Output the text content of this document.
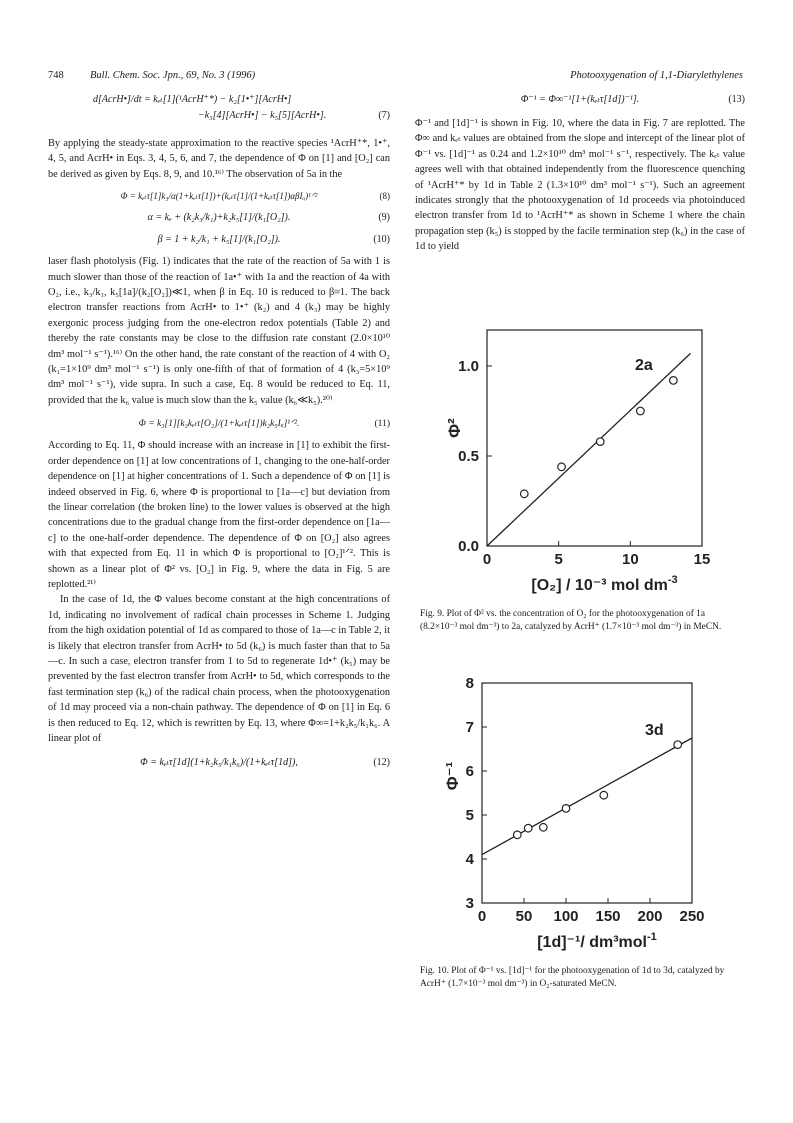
748	Bull. Chem. Soc. Jpn., 69, No. 3 (1996)	Photooxygenation of 1,1-Diarylethylenes
d[AcrH•]/dt = kₑₜ[1](¹AcrH⁺*) − k₂[1•⁺][AcrH•]
−k₃[4][AcrH•] − k₅[5][AcrH•].	(7)

By applying the steady-state approximation to the reactive species ¹AcrH⁺*, 1•⁺, 4, 5, and AcrH• in Eqs. 3, 4, 5, 6, and 7, the dependence of Φ on [1] and [O₂] can be derived as given by Eqs. 8, 9, and 10.¹⁶⁾ The observation of 5a in the

Φ = kₑₜτ[1]k₃/α(1+kₑₜτ[1])+(kₑₜτ[1]/(1+kₑₜτ[1])αβIₐ)¹ᐟ²	(8)
α = kₑ + (k₂k₃/k₁)+k₂k₅[1]/(k₁[O₂]).	(9)
β = 1 + k₂/k₁ + k₅[1]/(k₁[O₂]).	(10)

laser flash photolysis (Fig. 1) indicates that the rate of the reaction of 5a with 1 is much slower than those of the reaction of 1a•⁺ with 1a and the reaction of 4a with O₂, i.e., k₃/k₁, k₅[1a]/(k₂[O₂])≪1, when β in Eq. 10 is reduced to β≈1. The back electron transfer reactions from AcrH• to 1•⁺ (k₂) and 4 (k₃) may be highly exergonic process judging from the one-electron redox potentials (Table 2) and thereby the rate constants may be close to the diffusion rate constant (2.0×10¹⁰ dm³ mol⁻¹ s⁻¹).¹⁶⁾ On the other hand, the rate constant of the reaction of 4 with O₂ (k₁=1×10⁹ dm³ mol⁻¹ s⁻¹) is only one-fifth of that of formation of 4 (k₃=5×10⁹ dm³ mol⁻¹ s⁻¹), vide supra. In such a case, Eq. 8 would be reduced to Eq. 11, provided that the k₆ value is much slow than the k₅ value (k₆≪k₅).²⁰⁾

Φ = k₃[1][k₃kₑₜτ[O₂]/(1+kₑₜτ[1])k₂k₅Iₐ]¹ᐟ².	(11)

According to Eq. 11, Φ should increase with an increase in [1] to exhibit the first-order dependence on [1] at low concentrations of 1, changing to the one-half-order dependence on [1] at higher concentrations of 1. Such a dependence of Φ on [1] is indeed observed in Fig. 6, where Φ is proportional to [1a—c] but deviation from the linear correlation (the broken line) to the lower values is observed at the high concentrations due to the gradual change from the first-order dependence on [1a—c] to the one-half-order dependence. The dependence of Φ on [O₂] also agrees with that expected from Eq. 11 in which Φ is proportional to [O₂]¹ᐟ². This is shown as a linear plot of Φ² vs. [O₂] in Fig. 9, where the data in Fig. 5 are replotted.²¹⁾

In the case of 1d, the Φ values become constant at the high concentrations of 1d, indicating no involvement of radical chain processes in Scheme 1. Judging from the high oxidation potential of 1d as compared to those of 1a—c in Table 2, it is likely that electron transfer from AcrH• to 5d (k₆) is much faster than that to 5a—c. In such a case, electron transfer from 1 to 5d to regenerate 1d•⁺ (k₅) may be prevented by the fast electron transfer from AcrH• to 5d, which corresponds to the fast termination step (k₆) of the radical chain process, when the photooxygenation of 1d may proceed via a non-chain pathway. The dependence of Φ on [1] in Eq. 6 is then reduced to Eq. 12, which is rewritten by Eq. 13, where Φ∞=1+k₂k₅/k₁k₆. A linear plot of

Φ = kₑₜτ[1d](1+k₂k₅/k₁k₆)/(1+kₑₜτ[1d]),	(12)
Φ⁻¹ = Φ∞⁻¹[1+(kₑₜτ[1d])⁻¹].	(13)

Φ⁻¹ and [1d]⁻¹ is shown in Fig. 10, where the data in Fig. 7 are replotted. The Φ∞ and kₑₜ values are obtained from the slope and intercept of the linear plot of Φ⁻¹ vs. [1d]⁻¹ as 0.24 and 1.2×10¹⁰ dm³ mol⁻¹ s⁻¹, respectively. The kₑₜ value agrees well with that obtained independently from the fluorescence quenching of ¹AcrH⁺* by 1d in Table 2 (1.3×10¹⁰ dm³ mol⁻¹ s⁻¹). Such an agreement indicates strongly that the photooxygenation of 1d proceeds via photoinduced electron transfer from 1d to ¹AcrH⁺* as shown in Scheme 1 where the chain propagation step (k₅) is stopped by the facile termination step (k₆) in the case of 1d to yield

0	5	10	15
0.0
0.5
1.0	2a
Φ²
[O₂] / 10⁻³ mol $dm^{-3}$
Fig. 9. Plot of Φ² vs. the concentration of O₂ for the photooxygenation of 1a (8.2×10⁻³ mol dm⁻³) to 2a, catalyzed by AcrH⁺ (1.7×10⁻³ mol dm⁻³) in MeCN.
0 50 100 150 200 250
3
4
5
6
7
8
3d
Φ⁻¹
[1d]⁻¹/ dm³mol$^{-1}$
Fig. 10. Plot of Φ⁻¹ vs. [1d]⁻¹ for the photooxygenation of 1d to 3d, catalyzed by AcrH⁺ (1.7×10⁻³ mol dm⁻³) in O₂-saturated MeCN.
